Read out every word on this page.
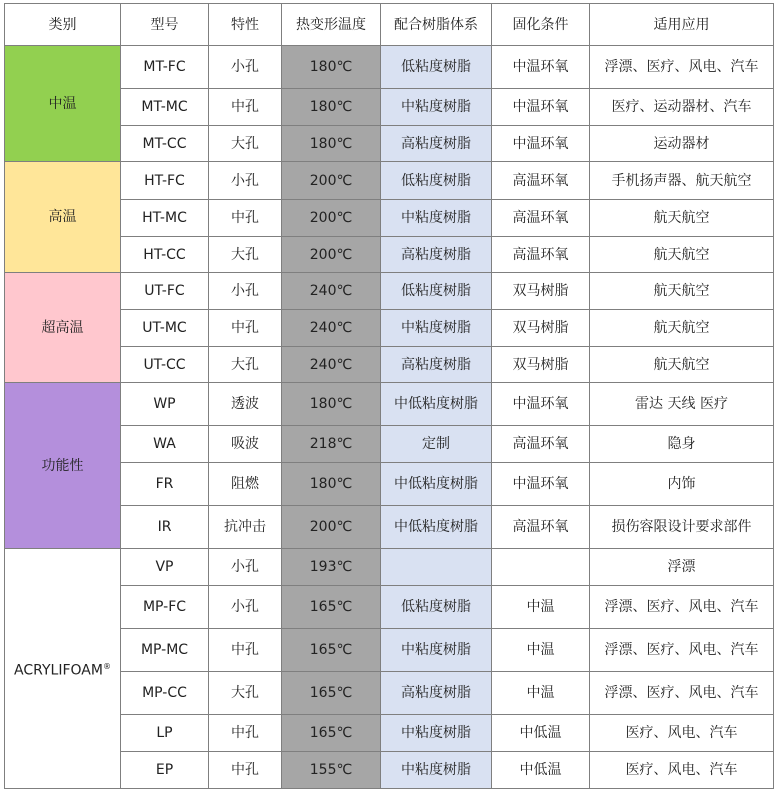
类别	型号	特性	热变形温度	配合树脂体系	固化条件	适用应用
中温	MT-FC	小孔	180℃	低粘度树脂	中温环氧	浮漂、医疗、风电、汽车
	MT-MC	中孔	180℃	中粘度树脂	中温环氧	医疗、运动器材、汽车
	MT-CC	大孔	180℃	高粘度树脂	中温环氧	运动器材
高温	HT-FC	小孔	200℃	低粘度树脂	高温环氧	手机扬声器、航天航空
	HT-MC	中孔	200℃	中粘度树脂	高温环氧	航天航空
	HT-CC	大孔	200℃	高粘度树脂	高温环氧	航天航空
超高温	UT-FC	小孔	240℃	低粘度树脂	双马树脂	航天航空
	UT-MC	中孔	240℃	中粘度树脂	双马树脂	航天航空
	UT-CC	大孔	240℃	高粘度树脂	双马树脂	航天航空
功能性	WP	透波	180℃	中低粘度树脂	中温环氧	雷达 天线 医疗
	WA	吸波	218℃	定制	高温环氧	隐身
	FR	阻燃	180℃	中低粘度树脂	中温环氧	内饰
	IR	抗冲击	200℃	中低粘度树脂	高温环氧	损伤容限设计要求部件
ACRYLIFOAM®	VP	小孔	193℃			浮漂
	MP-FC	小孔	165℃	低粘度树脂	中温	浮漂、医疗、风电、汽车
	MP-MC	中孔	165℃	中粘度树脂	中温	浮漂、医疗、风电、汽车
	MP-CC	大孔	165℃	高粘度树脂	中温	浮漂、医疗、风电、汽车
	LP	中孔	165℃	中粘度树脂	中低温	医疗、风电、汽车
	EP	中孔	155℃	中粘度树脂	中低温	医疗、风电、汽车
